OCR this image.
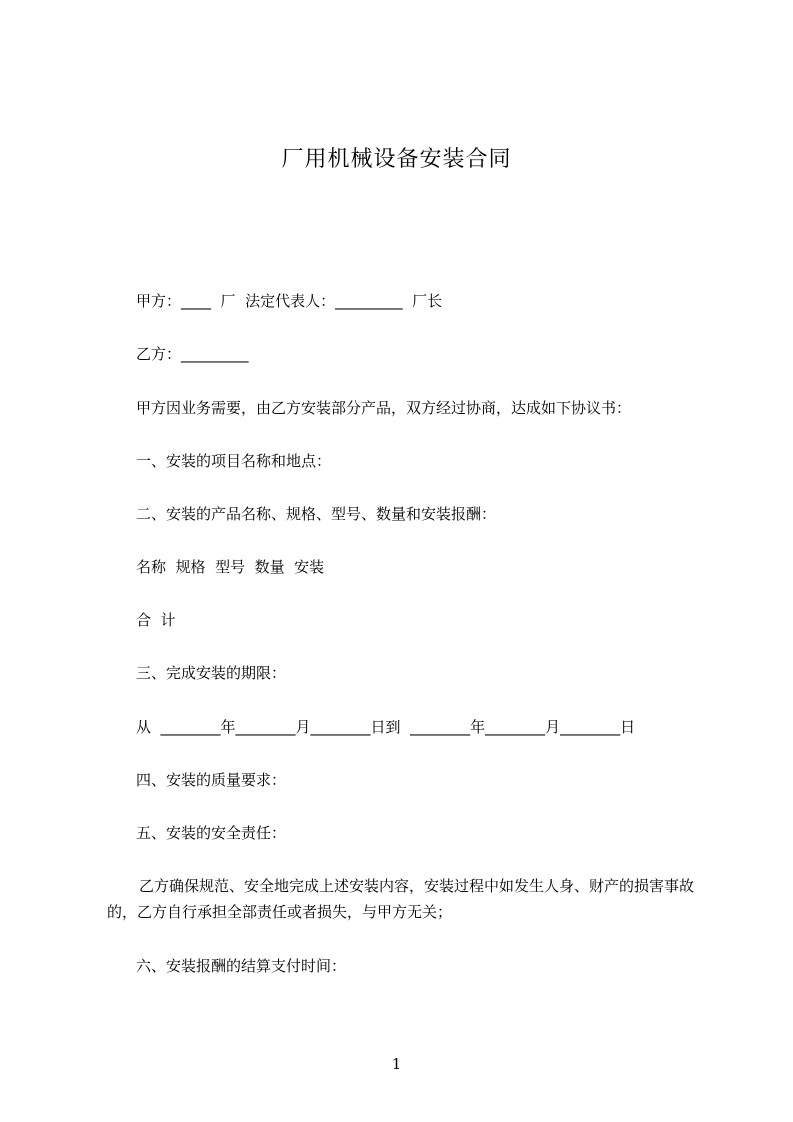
厂用机械设备安装合同
甲方：____  厂  法定代表人：_________  厂长
乙方：_________
甲方因业务需要，由乙方安装部分产品，双方经过协商，达成如下协议书：
一、安装的项目名称和地点：
二、安装的产品名称、规格、型号、数量和安装报酬：
名称  规格  型号  数量  安装
合  计
三、完成安装的期限：
从  ________年________月________日到  ________年________月________日
四、安装的质量要求：
五、安装的安全责任：
乙方确保规范、安全地完成上述安装内容，安装过程中如发生人身、财产的损害事故的，乙方自行承担全部责任或者损失，与甲方无关；
六、安装报酬的结算支付时间：
1
